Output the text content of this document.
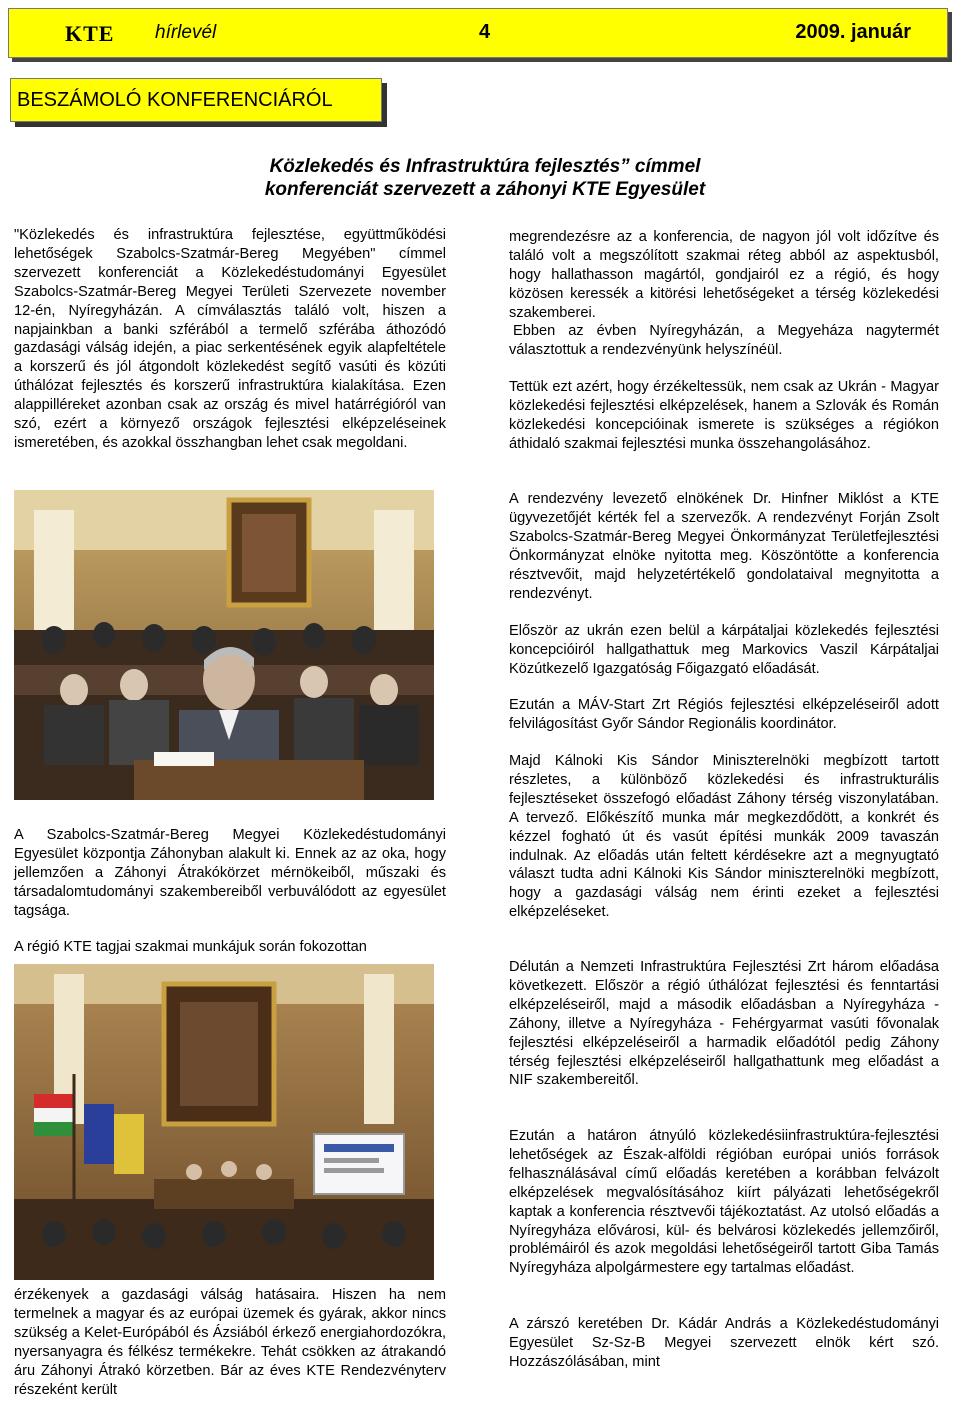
KTE hírlevél	4	2009. január
BESZÁMOLÓ KONFERENCIÁRÓL
Közlekedés és Infrastruktúra fejlesztés” címmel
konferenciát szervezett a záhonyi KTE Egyesület

"Közlekedés és infrastruktúra fejlesztése, együttműködési lehetőségek Szabolcs-Szatmár-Bereg Megyében" címmel szervezett konferenciát a Közlekedéstudományi Egyesület Szabolcs-Szatmár-Bereg Megyei Területi Szervezete november 12-én, Nyíregyházán. A címválasztás találó volt, hiszen a napjainkban a banki szférából a termelő szférába áthozódó gazdasági válság idején, a piac serkentésének egyik alapfeltétele a korszerű és jól átgondolt közlekedést segítő vasúti és közúti úthálózat fejlesztés és korszerű infrastruktúra kialakítása. Ezen alappilléreket azonban csak az ország és mivel határrégióról van szó, ezért a környező országok fejlesztési elképzeléseinek ismeretében, és azokkal összhangban lehet csak megoldani.

A Szabolcs-Szatmár-Bereg Megyei Közlekedéstudományi Egyesület központja Záhonyban alakult ki. Ennek az az oka, hogy jellemzően a Záhonyi Átrakókörzet mérnökeiből, műszaki és társadalomtudományi szakembereiből verbuválódott az egyesület tagsága.

A régió KTE tagjai szakmai munkájuk során fokozottan

érzékenyek a gazdasági válság hatásaira. Hiszen ha nem termelnek a magyar és az európai üzemek és gyárak, akkor nincs szükség a Kelet-Európából és Ázsiából érkező energiahordozókra, nyersanyagra és félkész termékekre. Tehát csökken az átrakandó áru Záhonyi Átrakó körzetben. Bár az éves KTE Rendezvényterv részeként került

megrendezésre az a konferencia, de nagyon jól volt időzítve és találó volt a megszólított szakmai réteg abból az aspektusból, hogy hallathasson magártól, gondjairól ez a régió, és hogy közösen keressék a kitörési lehetőségeket a térség közlekedési szakemberei.

Ebben az évben Nyíregyházán, a Megyeháza nagytermét választottuk a rendezvényünk helyszínéül.

Tettük ezt azért, hogy érzékeltessük, nem csak az Ukrán - Magyar közlekedési fejlesztési elképzelések, hanem a Szlovák és Román közlekedési koncepcióinak ismerete is szükséges a régiókon áthidaló szakmai fejlesztési munka összehangolásához.

A rendezvény levezető elnökének Dr. Hinfner Miklóst a KTE ügyvezetőjét kérték fel a szervezők. A rendezvényt Forján Zsolt Szabolcs-Szatmár-Bereg Megyei Önkormányzat Területfejlesztési Önkormányzat elnöke nyitotta meg. Köszöntötte a konferencia résztvevőit, majd helyzetértékelő gondolataival megnyitotta a rendezvényt.

Először az ukrán ezen belül a kárpátaljai közlekedés fejlesztési koncepcióiról hallgathattuk meg Markovics Vaszil Kárpátaljai Közútkezelő Igazgatóság Főigazgató előadását.

Ezután a MÁV-Start Zrt Régiós fejlesztési elképzeléseiről adott felvilágosítást Győr Sándor Regionális koordinátor.

Majd Kálnoki Kis Sándor Miniszterelnöki megbízott tartott részletes, a különböző közlekedési és infrastrukturális fejlesztéseket összefogó előadást Záhony térség viszonylatában. A tervező. Előkészítő munka már megkezdődött, a konkrét és kézzel fogható út és vasút építési munkák 2009 tavaszán indulnak. Az előadás után feltett kérdésekre azt a megnyugtató választ tudta adni Kálnoki Kis Sándor miniszterelnöki megbízott, hogy a gazdasági válság nem érinti ezeket a fejlesztési elképzeléseket.

Délután a Nemzeti Infrastruktúra Fejlesztési Zrt három előadása következett. Először a régió úthálózat fejlesztési és fenntartási elképzeléseiről, majd a második előadásban a Nyíregyháza -Záhony, illetve a Nyíregyháza - Fehérgyarmat vasúti fővonalak fejlesztési elképzeléseiről a harmadik előadótól pedig Záhony térség fejlesztési elképzeléseiről hallgathattunk meg előadást a NIF szakembereitől.

Ezután a határon átnyúló közlekedésiinfrastruktúra-fejlesztési lehetőségek az Észak-alföldi régióban európai uniós források felhasználásával című előadás keretében a korábban felvázolt elképzelések megvalósításához kiírt pályázati lehetőségekről kaptak a konferencia résztvevői tájékoztatást. Az utolsó előadás a Nyíregyháza elővárosi, kül- és belvárosi közlekedés jellemzőiről, problémáiról és azok megoldási lehetőségeiről tartott Giba Tamás Nyíregyháza alpolgármestere egy tartalmas előadást.

A zárszó keretében Dr. Kádár András a Közlekedéstudományi Egyesület Sz-Sz-B Megyei szervezett elnök kért szó. Hozzászólásában, mint
